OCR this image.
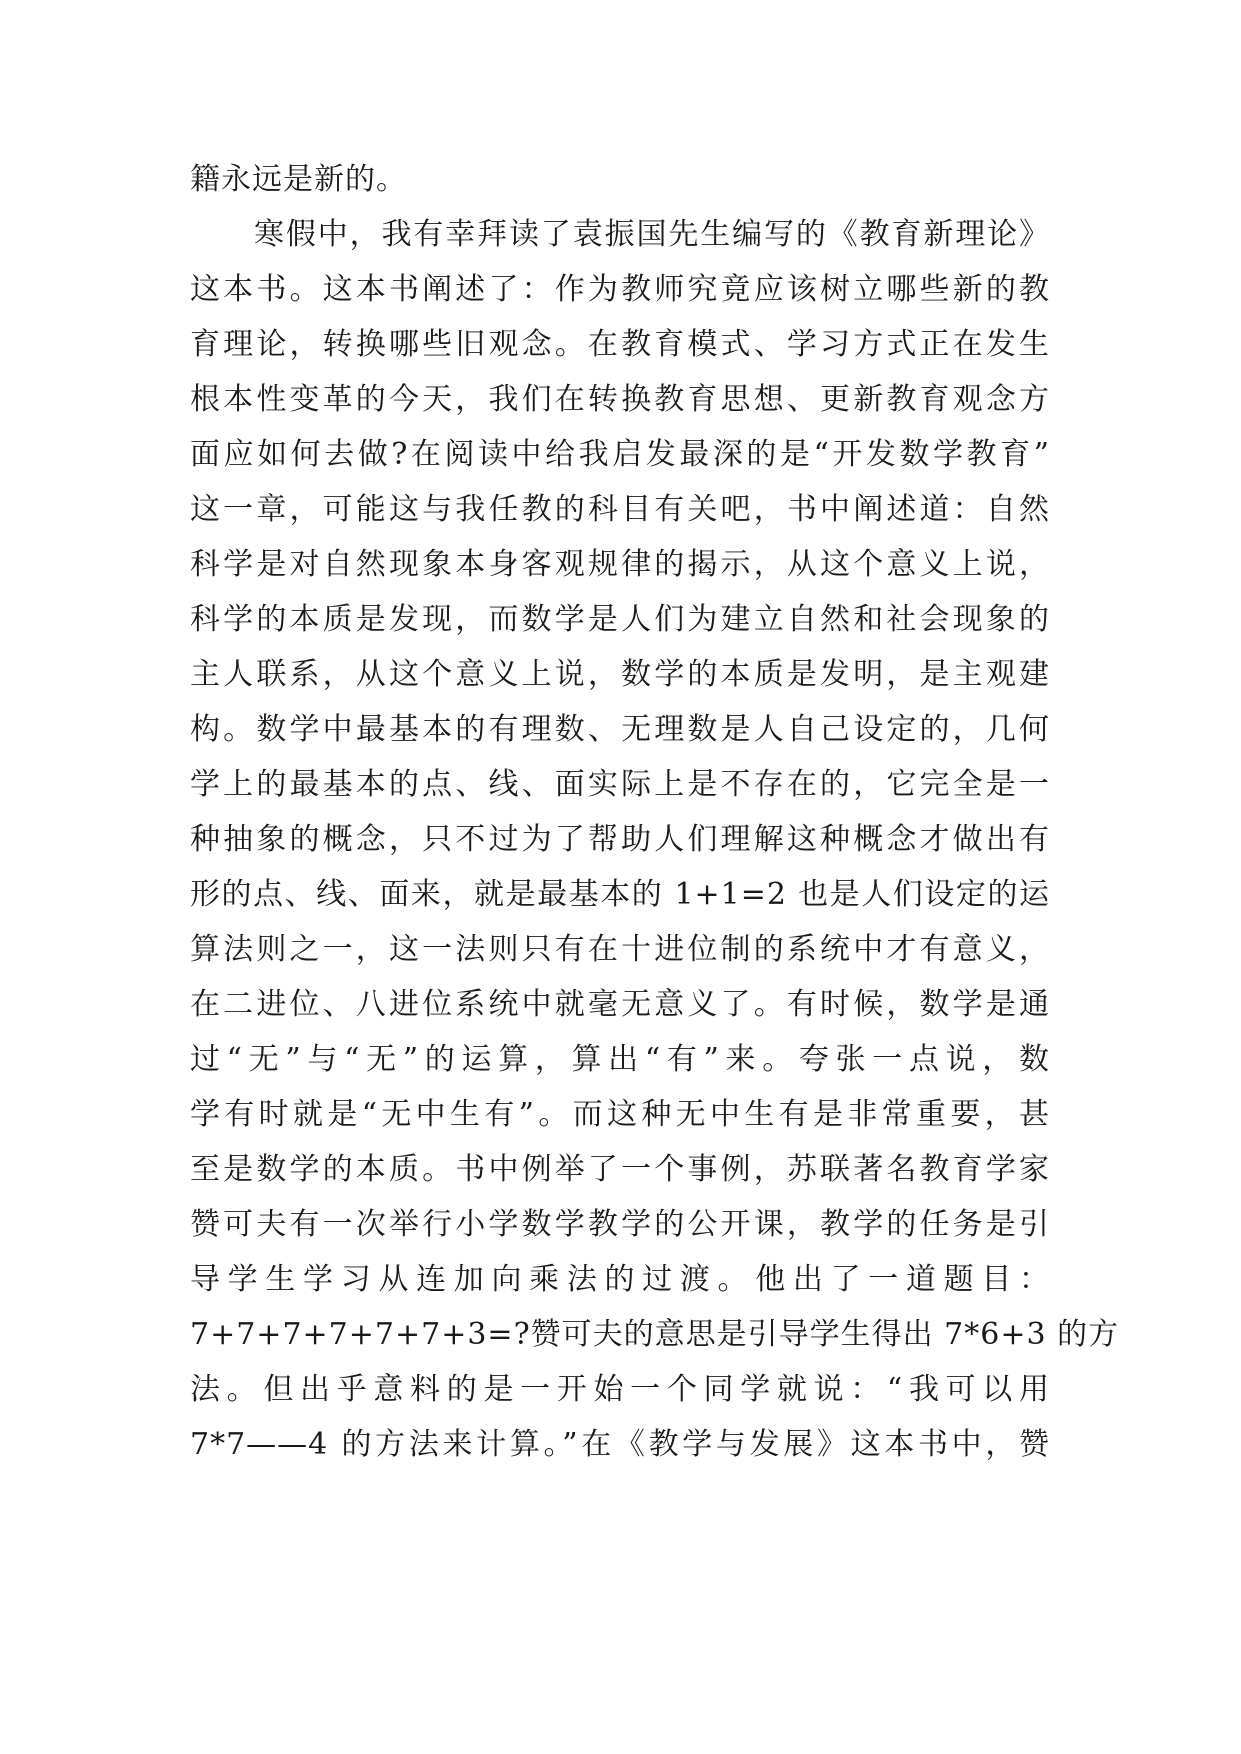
籍永远是新的。
寒假中，我有幸拜读了袁振国先生编写的《教育新理论》
这本书。这本书阐述了：作为教师究竟应该树立哪些新的教
育理论，转换哪些旧观念。在教育模式、学习方式正在发生
根本性变革的今天，我们在转换教育思想、更新教育观念方
面应如何去做?在阅读中给我启发最深的是“开发数学教育”
这一章，可能这与我任教的科目有关吧，书中阐述道：自然
科学是对自然现象本身客观规律的揭示，从这个意义上说，
科学的本质是发现，而数学是人们为建立自然和社会现象的
主人联系，从这个意义上说，数学的本质是发明，是主观建
构。数学中最基本的有理数、无理数是人自己设定的，几何
学上的最基本的点、线、面实际上是不存在的，它完全是一
种抽象的概念，只不过为了帮助人们理解这种概念才做出有
形的点、线、面来，就是最基本的 1+1=2 也是人们设定的运
算法则之一，这一法则只有在十进位制的系统中才有意义，
在二进位、八进位系统中就毫无意义了。有时候，数学是通
过“无”与“无”的运算，算出“有”来。夸张一点说，数
学有时就是“无中生有”。而这种无中生有是非常重要，甚
至是数学的本质。书中例举了一个事例，苏联著名教育学家
赞可夫有一次举行小学数学教学的公开课，教学的任务是引
导学生学习从连加向乘法的过渡。他出了一道题目：
7+7+7+7+7+7+3=?赞可夫的意思是引导学生得出 7*6+3 的方
法。但出乎意料的是一开始一个同学就说：“我可以用
7*7——4 的方法来计算。”在《教学与发展》这本书中，赞
